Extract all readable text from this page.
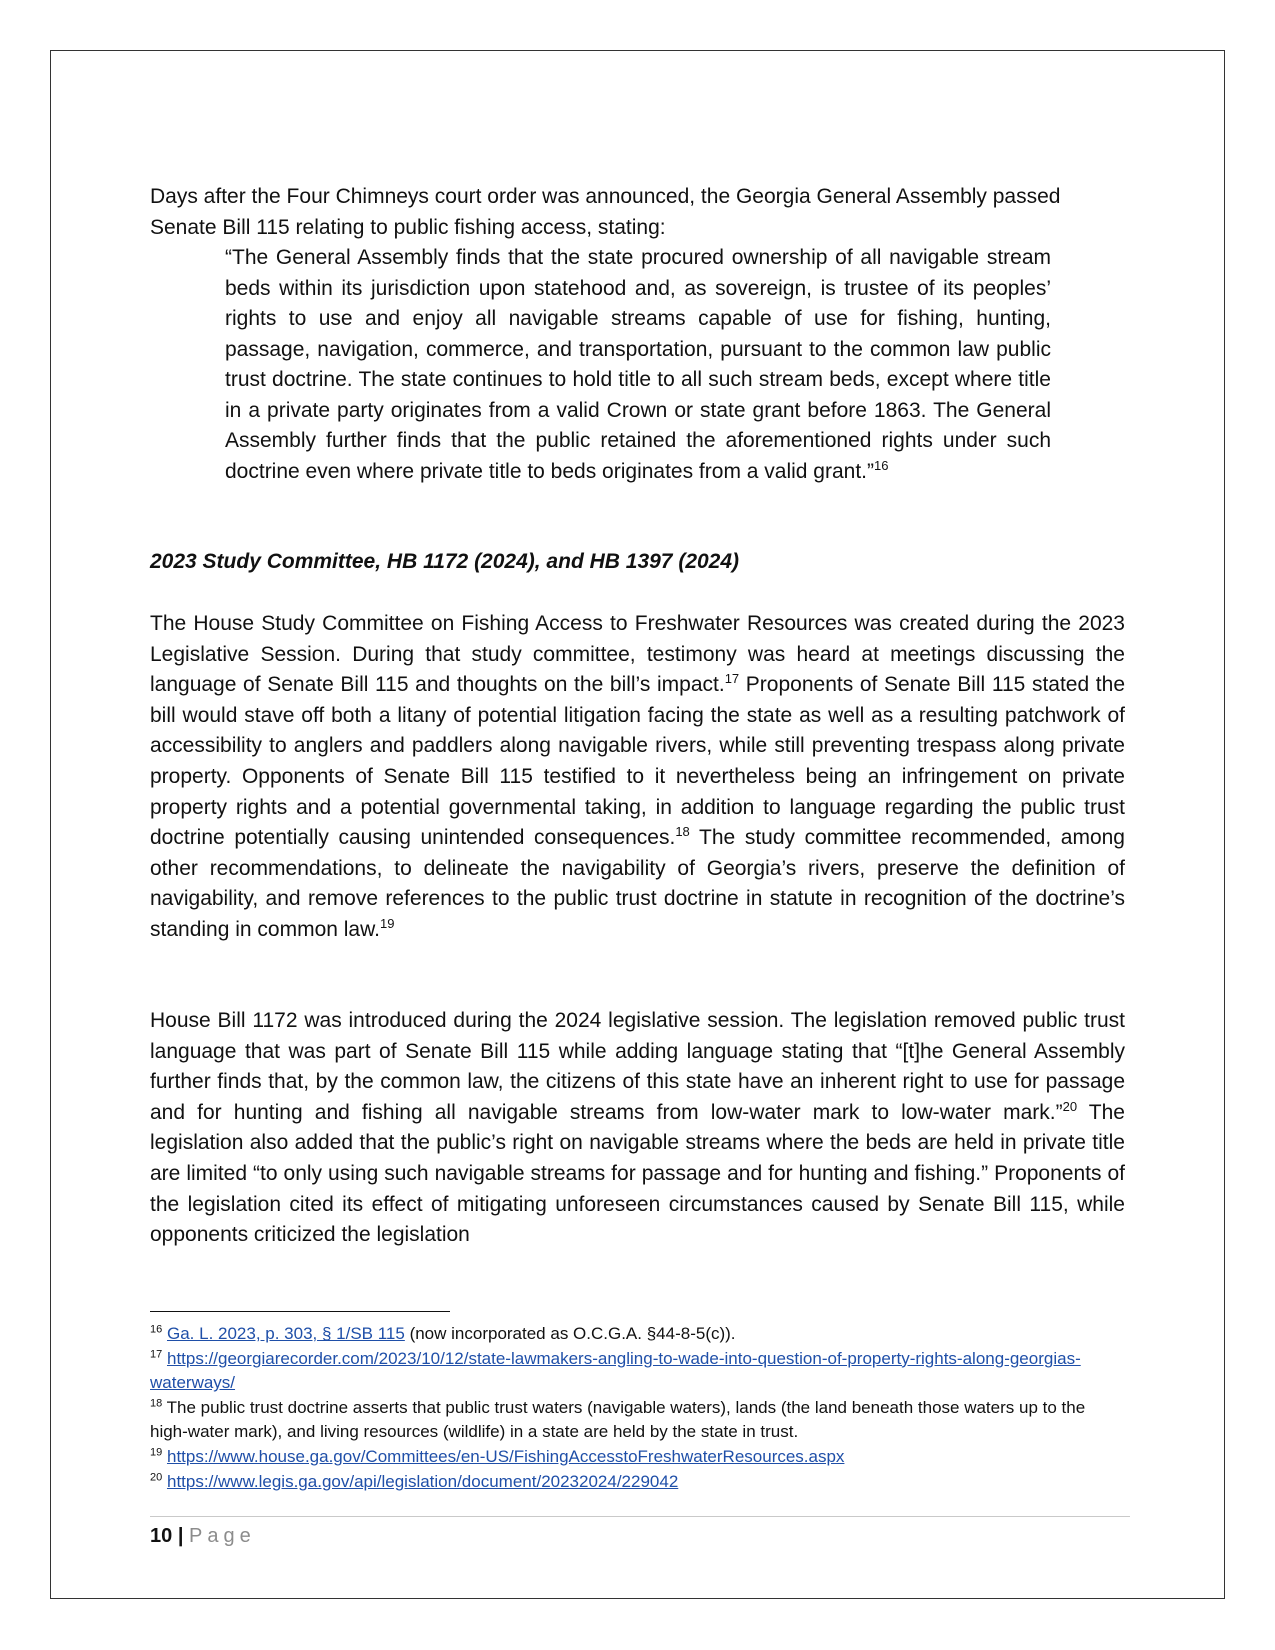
Days after the Four Chimneys court order was announced, the Georgia General Assembly passed Senate Bill 115 relating to public fishing access, stating:

“The General Assembly finds that the state procured ownership of all navigable stream beds within its jurisdiction upon statehood and, as sovereign, is trustee of its peoples’ rights to use and enjoy all navigable streams capable of use for fishing, hunting, passage, navigation, commerce, and transportation, pursuant to the common law public trust doctrine. The state continues to hold title to all such stream beds, except where title in a private party originates from a valid Crown or state grant before 1863. The General Assembly further finds that the public retained the aforementioned rights under such doctrine even where private title to beds originates from a valid grant.”$^{16}$

2023 Study Committee, HB 1172 (2024), and HB 1397 (2024)

The House Study Committee on Fishing Access to Freshwater Resources was created during the 2023 Legislative Session. During that study committee, testimony was heard at meetings discussing the language of Senate Bill 115 and thoughts on the bill’s impact.$^{17}$ Proponents of Senate Bill 115 stated the bill would stave off both a litany of potential litigation facing the state as well as a resulting patchwork of accessibility to anglers and paddlers along navigable rivers, while still preventing trespass along private property. Opponents of Senate Bill 115 testified to it nevertheless being an infringement on private property rights and a potential governmental taking, in addition to language regarding the public trust doctrine potentially causing unintended consequences.$^{18}$ The study committee recommended, among other recommendations, to delineate the navigability of Georgia’s rivers, preserve the definition of navigability, and remove references to the public trust doctrine in statute in recognition of the doctrine’s standing in common law.$^{19}$

House Bill 1172 was introduced during the 2024 legislative session. The legislation removed public trust language that was part of Senate Bill 115 while adding language stating that “[t]he General Assembly further finds that, by the common law, the citizens of this state have an inherent right to use for passage and for hunting and fishing all navigable streams from low-water mark to low-water mark.”$^{20}$ The legislation also added that the public’s right on navigable streams where the beds are held in private title are limited “to only using such navigable streams for passage and for hunting and fishing.” Proponents of the legislation cited its effect of mitigating unforeseen circumstances caused by Senate Bill 115, while opponents criticized the legislation

$^{16}$ Ga. L. 2023, p. 303, § 1/SB 115 (now incorporated as O.C.G.A. §44-8-5(c)).

$^{17}$ https://georgiarecorder.com/2023/10/12/state-lawmakers-angling-to-wade-into-question-of-property-rights-along-georgias-waterways/

$^{18}$ The public trust doctrine asserts that public trust waters (navigable waters), lands (the land beneath those waters up to the high-water mark), and living resources (wildlife) in a state are held by the state in trust.

$^{19}$ https://www.house.ga.gov/Committees/en-US/FishingAccesstoFreshwaterResources.aspx

$^{20}$ https://www.legis.ga.gov/api/legislation/document/20232024/229042

10 | Page
